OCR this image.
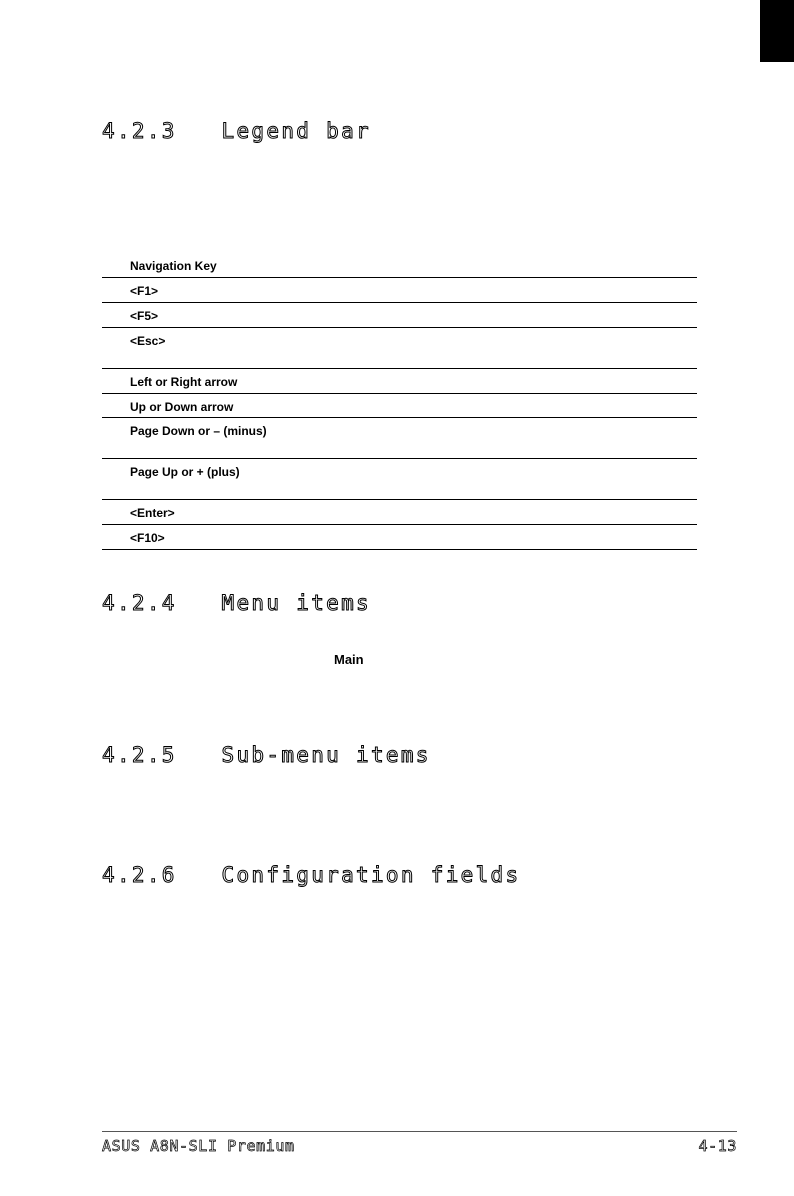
4.2.3   Legend bar
Navigation Key
<F1>
<F5>
<Esc>
Left or Right arrow
Up or Down arrow
Page Down or – (minus)
Page Up or + (plus)
<Enter>
<F10>
4.2.4   Menu items
Main
4.2.5   Sub-menu items
4.2.6   Configuration fields

ASUS A8N-SLI Premium	4-13
